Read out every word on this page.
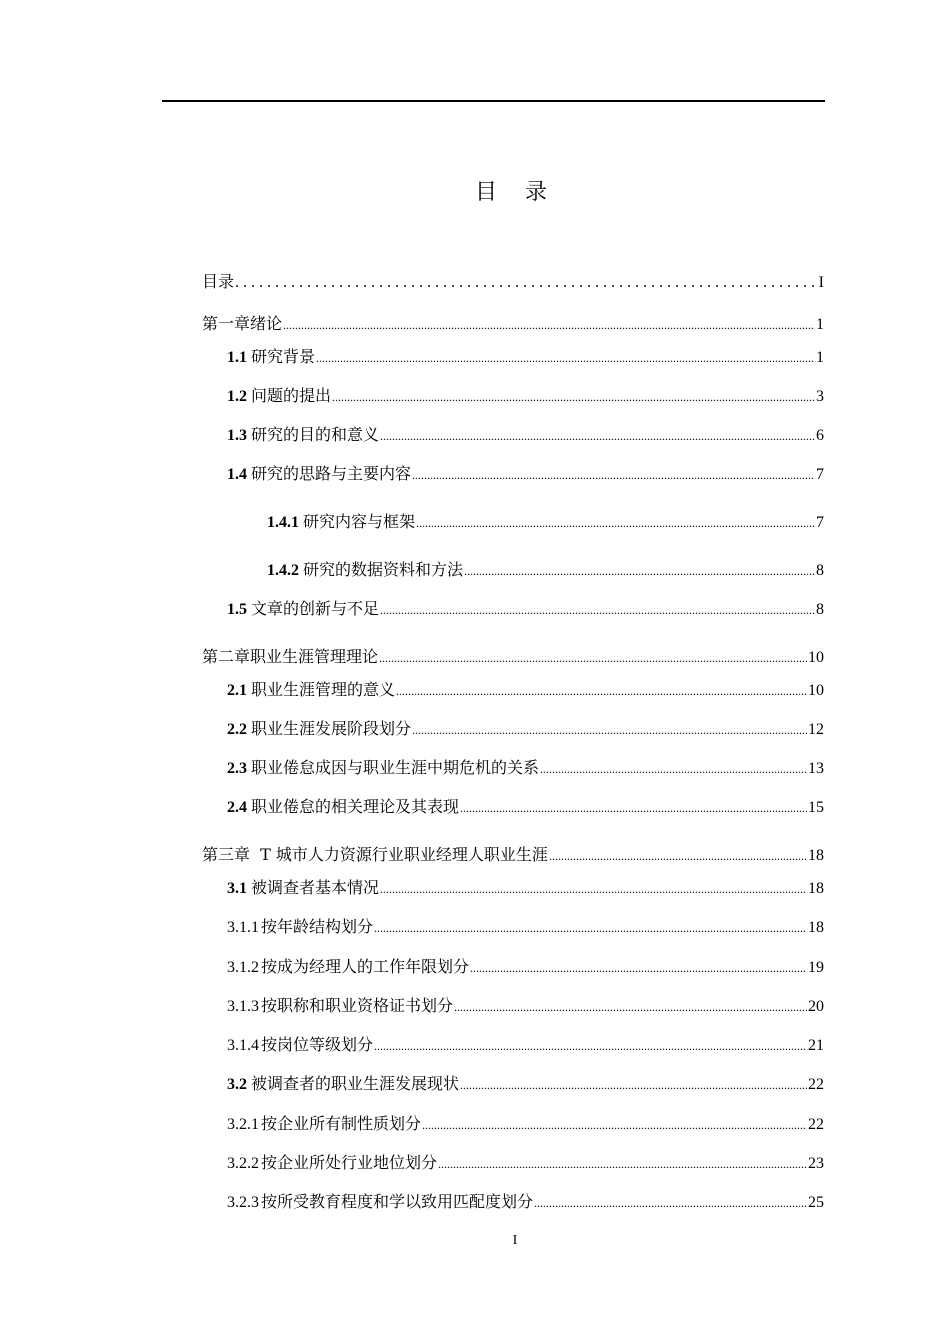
目 录
目录 . . .	I
第一章绪论 .....	1
1.1 研究背景 .....	1
1.2 问题的提出 .....	3
1.3 研究的目的和意义 .....	6
1.4 研究的思路与主要内容 .....	7
1.4.1 研究内容与框架 .....	7
1.4.2 研究的数据资料和方法 .....	8
1.5 文章的创新与不足 .....	8
第二章职业生涯管理理论 .....	10
2.1 职业生涯管理的意义 .....	10
2.2 职业生涯发展阶段划分 .....	12
2.3 职业倦怠成因与职业生涯中期危机的关系 .....	13
2.4 职业倦怠的相关理论及其表现 .....	15
第三章  T 城市人力资源行业职业经理人职业生涯 .....	18
3.1 被调查者基本情况 .....	18
3.1.1 按年龄结构划分 .....	18
3.1.2 按成为经理人的工作年限划分 .....	19
3.1.3 按职称和职业资格证书划分 .....	20
3.1.4 按岗位等级划分 .....	21
3.2 被调查者的职业生涯发展现状 .....	22
3.2.1 按企业所有制性质划分 .....	22
3.2.2 按企业所处行业地位划分 .....	23
3.2.3 按所受教育程度和学以致用匹配度划分 .....	25
I
